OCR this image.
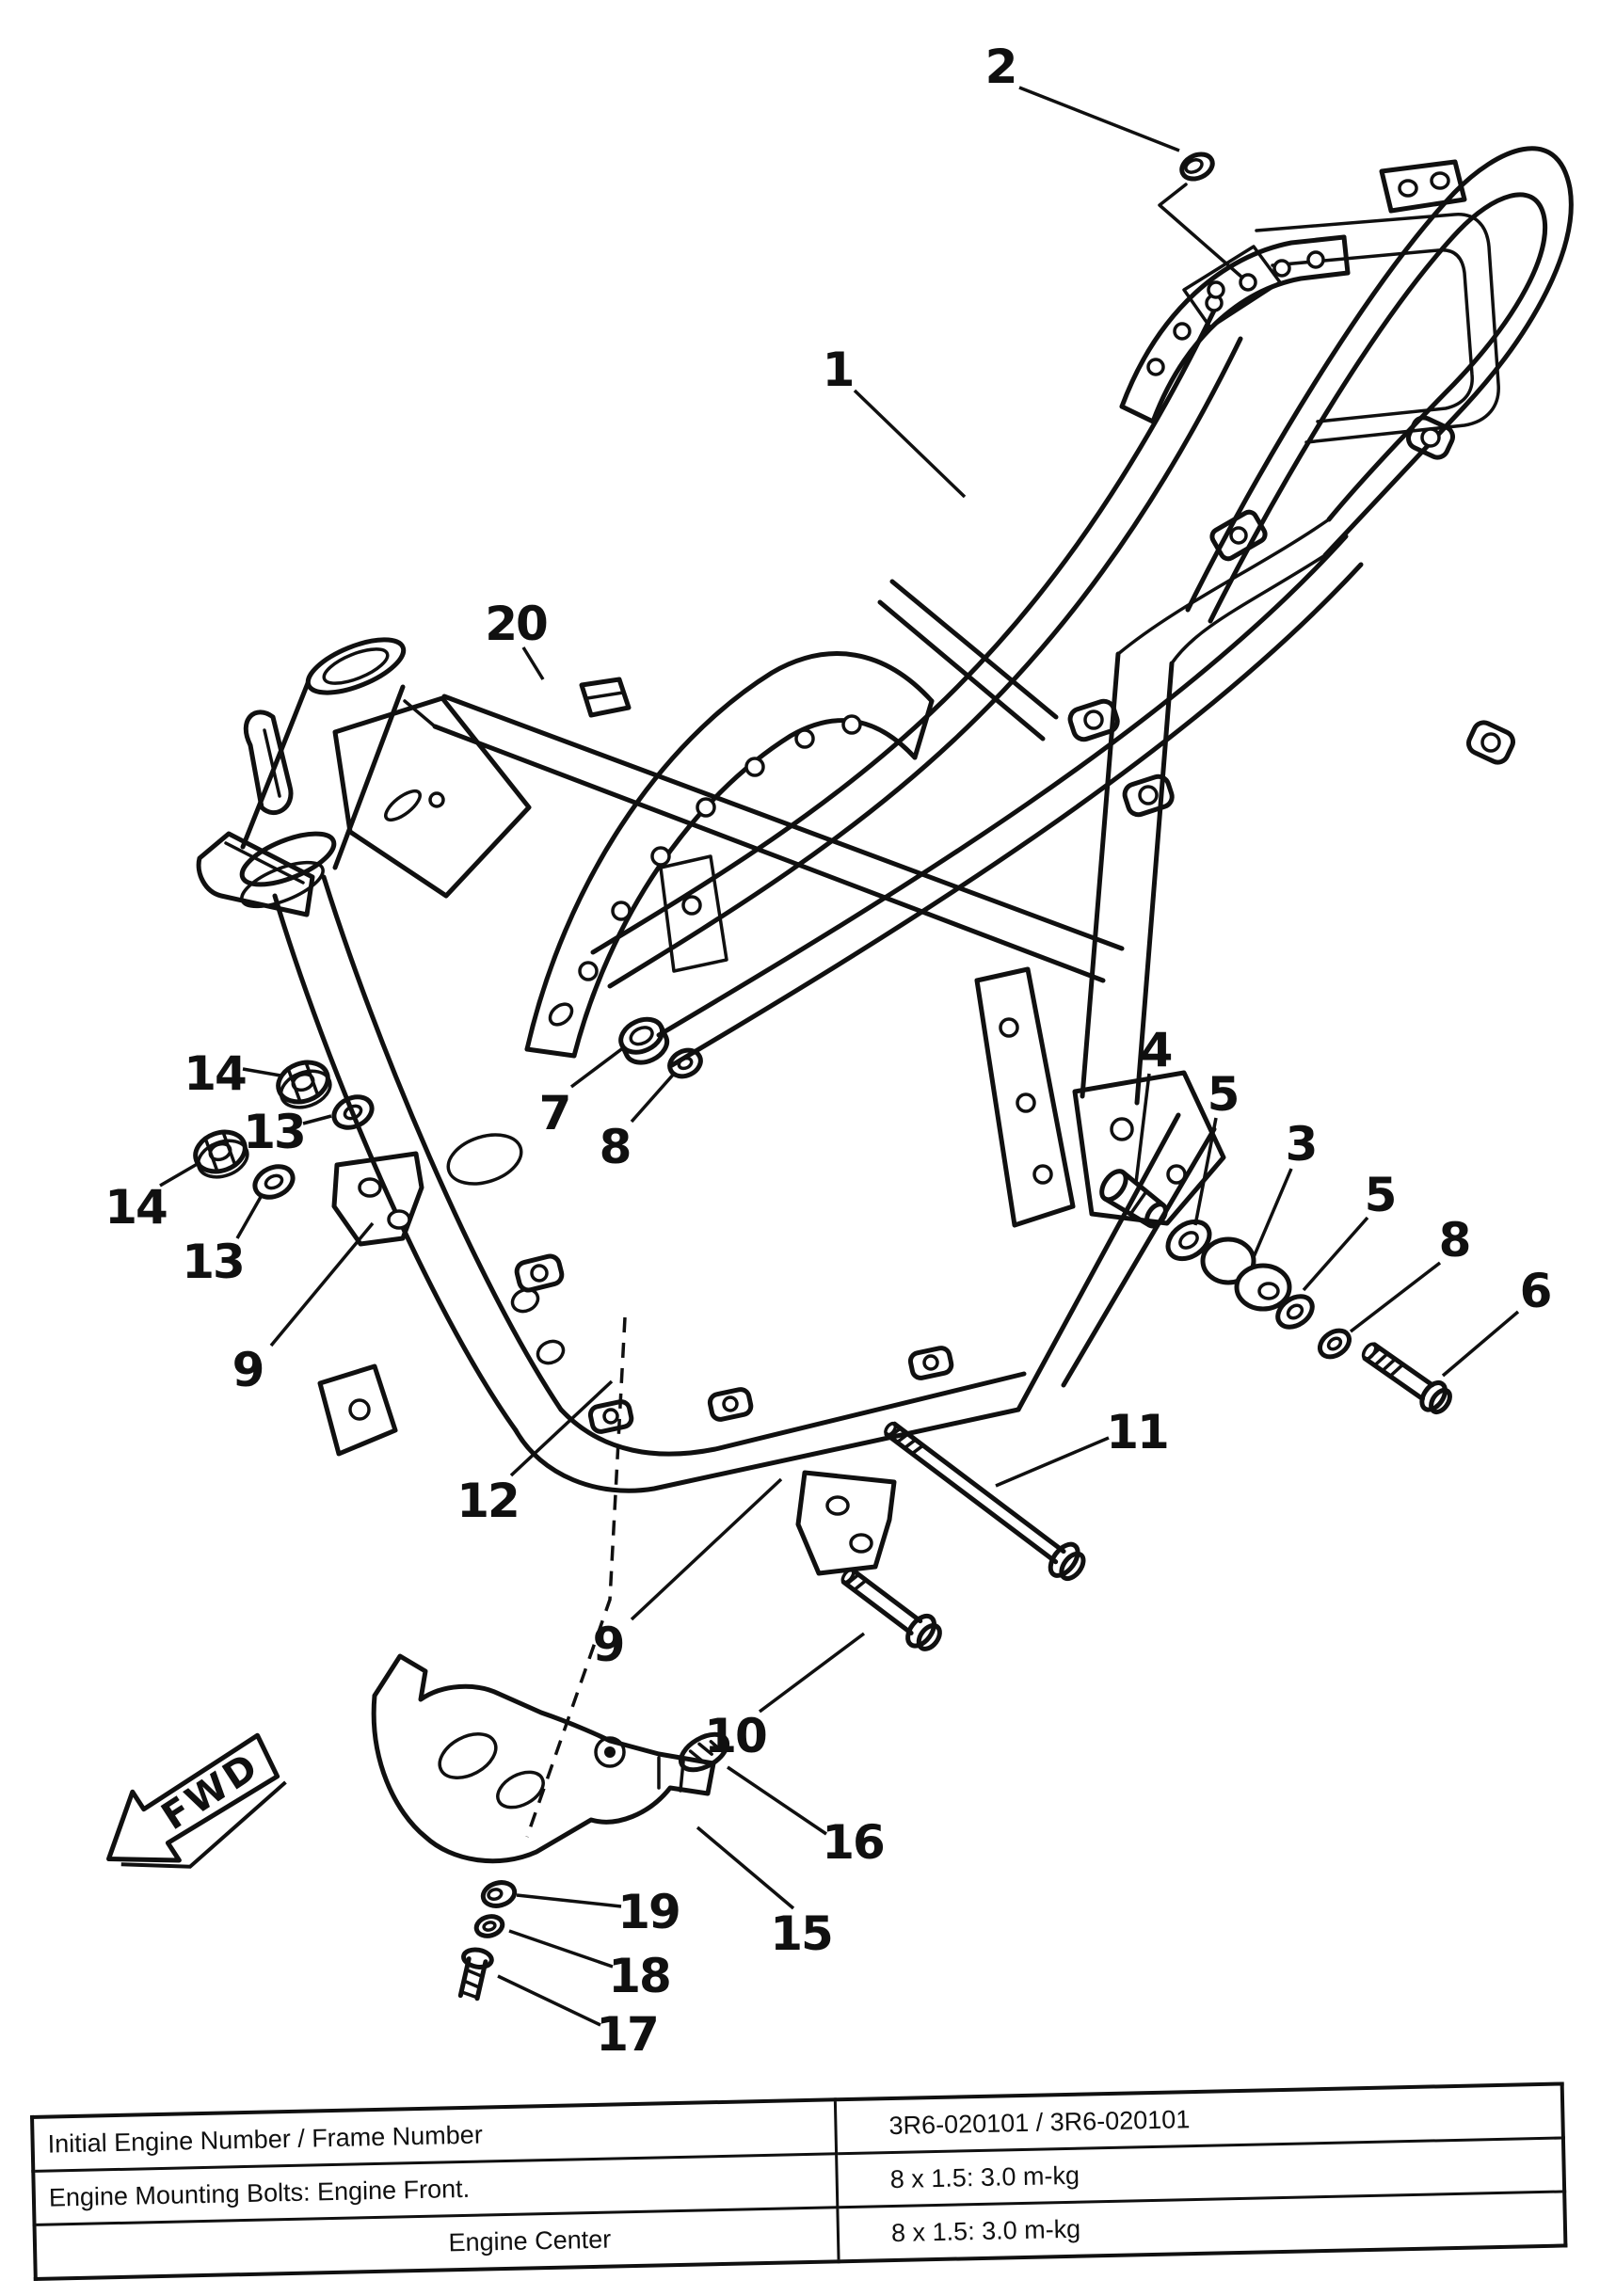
FWD
1
2
20
14
13
14
13
9
7
8
4
5
3
5
8
6
11
12
9
10
16
15
19
18
17
Initial Engine Number / Frame Number	3R6-020101 / 3R6-020101
Engine Mounting Bolts: Engine Front.	8 x 1.5: 3.0 m-kg
Engine Center	8 x 1.5: 3.0 m-kg
